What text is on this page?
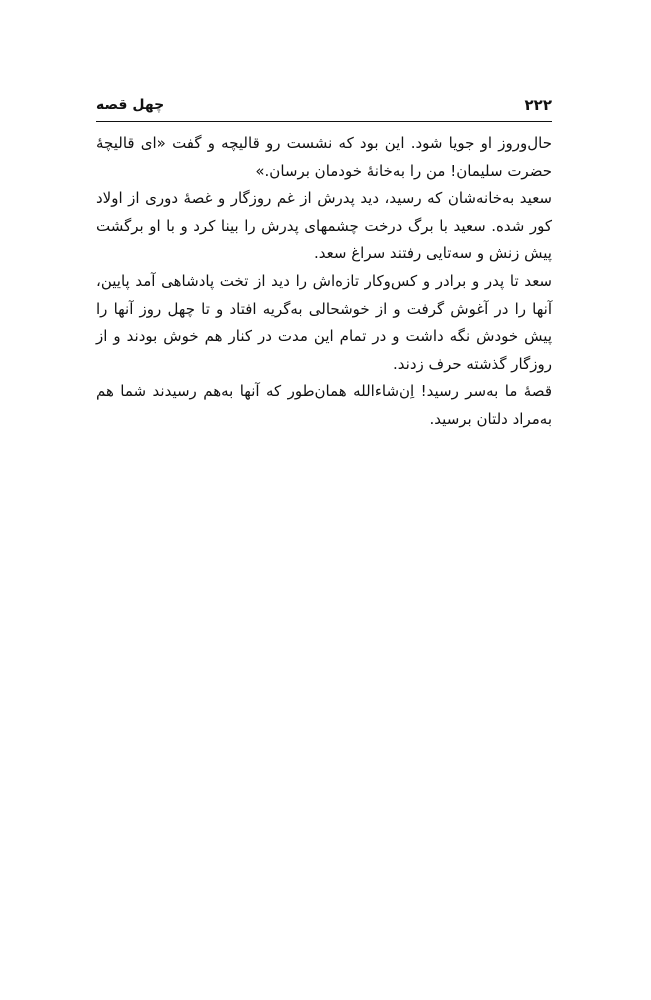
۲۲۲
چهل قصه

حال‌وروز او جویا شود. این بود که نشست رو قالیچه و گفت «ای قالیچهٔ حضرت سلیمان! من را به‌خانهٔ خودمان برسان.»

سعید به‌خانه‌شان که رسید، دید پدرش از غم روزگار و غصهٔ دوری از اولاد کور شده. سعید با برگ درخت چشمهای پدرش را بینا کرد و با او برگشت پیش زنش و سه‌تایی رفتند سراغ سعد.

سعد تا پدر و برادر و کس‌وکار تازه‌اش را دید از تخت پادشاهی آمد پایین، آنها را در آغوش گرفت و از خوشحالی به‌گریه افتاد و تا چهل روز آنها را پیش خودش نگه داشت و در تمام این مدت در کنار هم خوش بودند و از روزگار گذشته حرف زدند.

قصهٔ ما به‌سر رسید! اِن‌شاءالله همان‌طور که آنها به‌هم رسیدند شما هم به‌مراد دلتان برسید.
